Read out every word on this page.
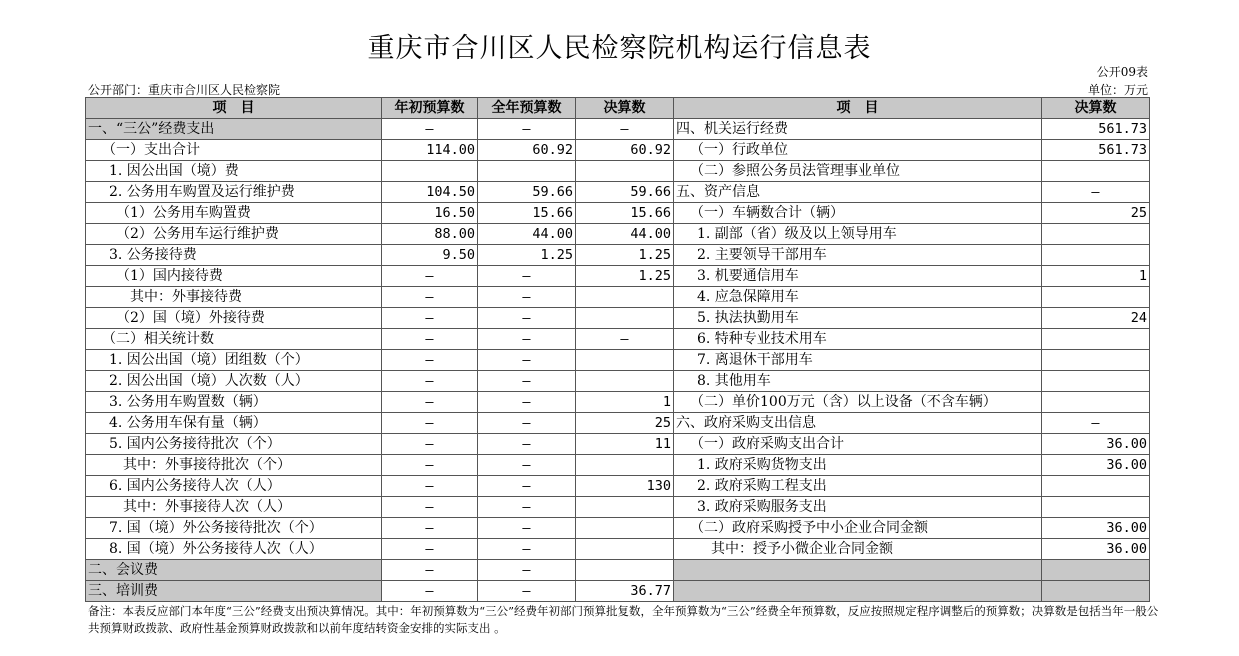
重庆市合川区人民检察院机构运行信息表
公开09表
公开部门：重庆市合川区人民检察院	单位：万元
项　目	年初预算数	全年预算数	决算数	项　目	决算数
一、“三公”经费支出	—	—	—	四、机关运行经费	561.73
（一）支出合计	114.00	60.92	60.92	（一）行政单位	561.73
1. 因公出国（境）费				（二）参照公务员法管理事业单位	
2. 公务用车购置及运行维护费	104.50	59.66	59.66	五、资产信息	—
（1）公务用车购置费	16.50	15.66	15.66	（一）车辆数合计（辆）	25
（2）公务用车运行维护费	88.00	44.00	44.00	1. 副部（省）级及以上领导用车	
3. 公务接待费	9.50	1.25	1.25	2. 主要领导干部用车	
（1）国内接待费	—	—	1.25	3. 机要通信用车	1
其中：外事接待费	—	—		4. 应急保障用车	
（2）国（境）外接待费	—	—		5. 执法执勤用车	24
（二）相关统计数	—	—	—	6. 特种专业技术用车	
1. 因公出国（境）团组数（个）	—	—		7. 离退休干部用车	
2. 因公出国（境）人次数（人）	—	—		8. 其他用车	
3. 公务用车购置数（辆）	—	—	1	（二）单价100万元（含）以上设备（不含车辆）	
4. 公务用车保有量（辆）	—	—	25	六、政府采购支出信息	—
5. 国内公务接待批次（个）	—	—	11	（一）政府采购支出合计	36.00
其中：外事接待批次（个）	—	—		1. 政府采购货物支出	36.00
6. 国内公务接待人次（人）	—	—	130	2. 政府采购工程支出	
其中：外事接待人次（人）	—	—		3. 政府采购服务支出	
7. 国（境）外公务接待批次（个）	—	—		（二）政府采购授予中小企业合同金额	36.00
8. 国（境）外公务接待人次（人）	—	—		其中：授予小微企业合同金额	36.00
二、会议费	—	—			
三、培训费	—	—	36.77		
备注：本表反应部门本年度“三公”经费支出预决算情况。其中：年初预算数为“三公”经费年初部门预算批复数，全年预算数为“三公”经费全年预算数，反应按照规定程序调整后的预算数；决算数是包括当年一般公共预算财政拨款、政府性基金预算财政拨款和以前年度结转资金安排的实际支出 。
